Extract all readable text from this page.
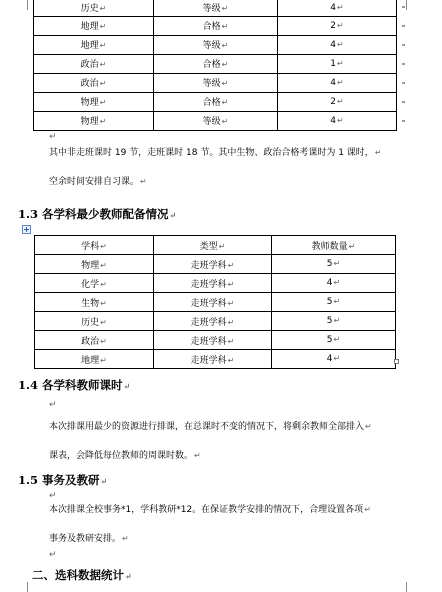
历史↵	等级↵	4↵
地理↵	合格↵	2↵
地理↵	等级↵	4↵
政治↵	合格↵	1↵
政治↵	等级↵	4↵
物理↵	合格↵	2↵
物理↵	等级↵	4↵
↵
其中非走班课时 19 节，走班课时 18 节。其中生物、政治合格考课时为 1 课时，↵
空余时间安排自习课。↵
1.3 各学科最少教师配备情况↵
学科↵	类型↵	教师数量↵
物理↵	走班学科↵	5↵
化学↵	走班学科↵	4↵
生物↵	走班学科↵	5↵
历史↵	走班学科↵	5↵
政治↵	走班学科↵	5↵
地理↵	走班学科↵	4↵
1.4 各学科教师课时↵
↵
本次排课用最少的资源进行排课，在总课时不变的情况下，将剩余教师全部排入↵
课表，会降低每位教师的周课时数。↵
1.5 事务及教研↵
↵
本次排课全校事务*1，学科教研*12。在保证教学安排的情况下，合理设置各项↵
事务及教研安排。↵
↵
二、选科数据统计↵
